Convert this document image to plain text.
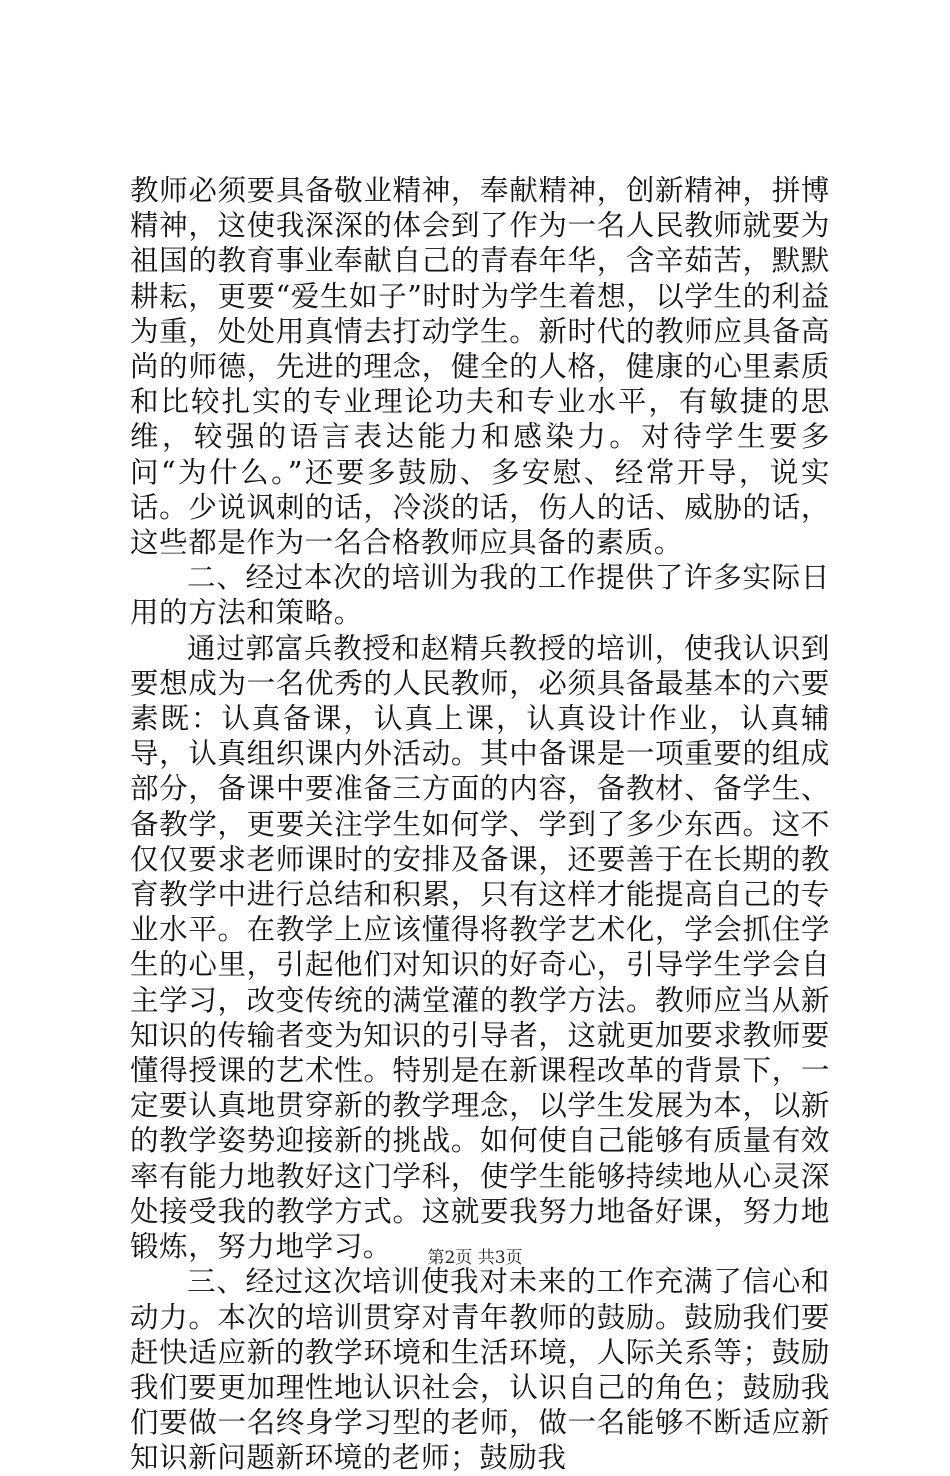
教师必须要具备敬业精神，奉献精神，创新精神，拼博精神，这使我深深的体会到了作为一名人民教师就要为祖国的教育事业奉献自己的青春年华，含辛茹苦，默默耕耘，更要“爱生如子”时时为学生着想，以学生的利益为重，处处用真情去打动学生。新时代的教师应具备高尚的师德，先进的理念，健全的人格，健康的心里素质和比较扎实的专业理论功夫和专业水平，有敏捷的思维，较强的语言表达能力和感染力。对待学生要多问“为什么。”还要多鼓励、多安慰、经常开导，说实话。少说讽刺的话，冷淡的话，伤人的话、威胁的话，这些都是作为一名合格教师应具备的素质。

二、经过本次的培训为我的工作提供了许多实际日用的方法和策略。

通过郭富兵教授和赵精兵教授的培训，使我认识到要想成为一名优秀的人民教师，必须具备最基本的六要素既：认真备课，认真上课，认真设计作业，认真辅导，认真组织课内外活动。其中备课是一项重要的组成部分，备课中要准备三方面的内容，备教材、备学生、备教学，更要关注学生如何学、学到了多少东西。这不仅仅要求老师课时的安排及备课，还要善于在长期的教育教学中进行总结和积累，只有这样才能提高自己的专业水平。在教学上应该懂得将教学艺术化，学会抓住学生的心里，引起他们对知识的好奇心，引导学生学会自主学习，改变传统的满堂灌的教学方法。教师应当从新知识的传输者变为知识的引导者，这就更加要求教师要懂得授课的艺术性。特别是在新课程改革的背景下，一定要认真地贯穿新的教学理念，以学生发展为本，以新的教学姿势迎接新的挑战。如何使自己能够有质量有效率有能力地教好这门学科，使学生能够持续地从心灵深处接受我的教学方式。这就要我努力地备好课，努力地锻炼，努力地学习。

三、经过这次培训使我对未来的工作充满了信心和动力。本次的培训贯穿对青年教师的鼓励。鼓励我们要赶快适应新的教学环境和生活环境，人际关系等；鼓励我们要更加理性地认识社会，认识自己的角色；鼓励我们要做一名终身学习型的老师，做一名能够不断适应新知识新问题新环境的老师；鼓励我

第2页 共3页
